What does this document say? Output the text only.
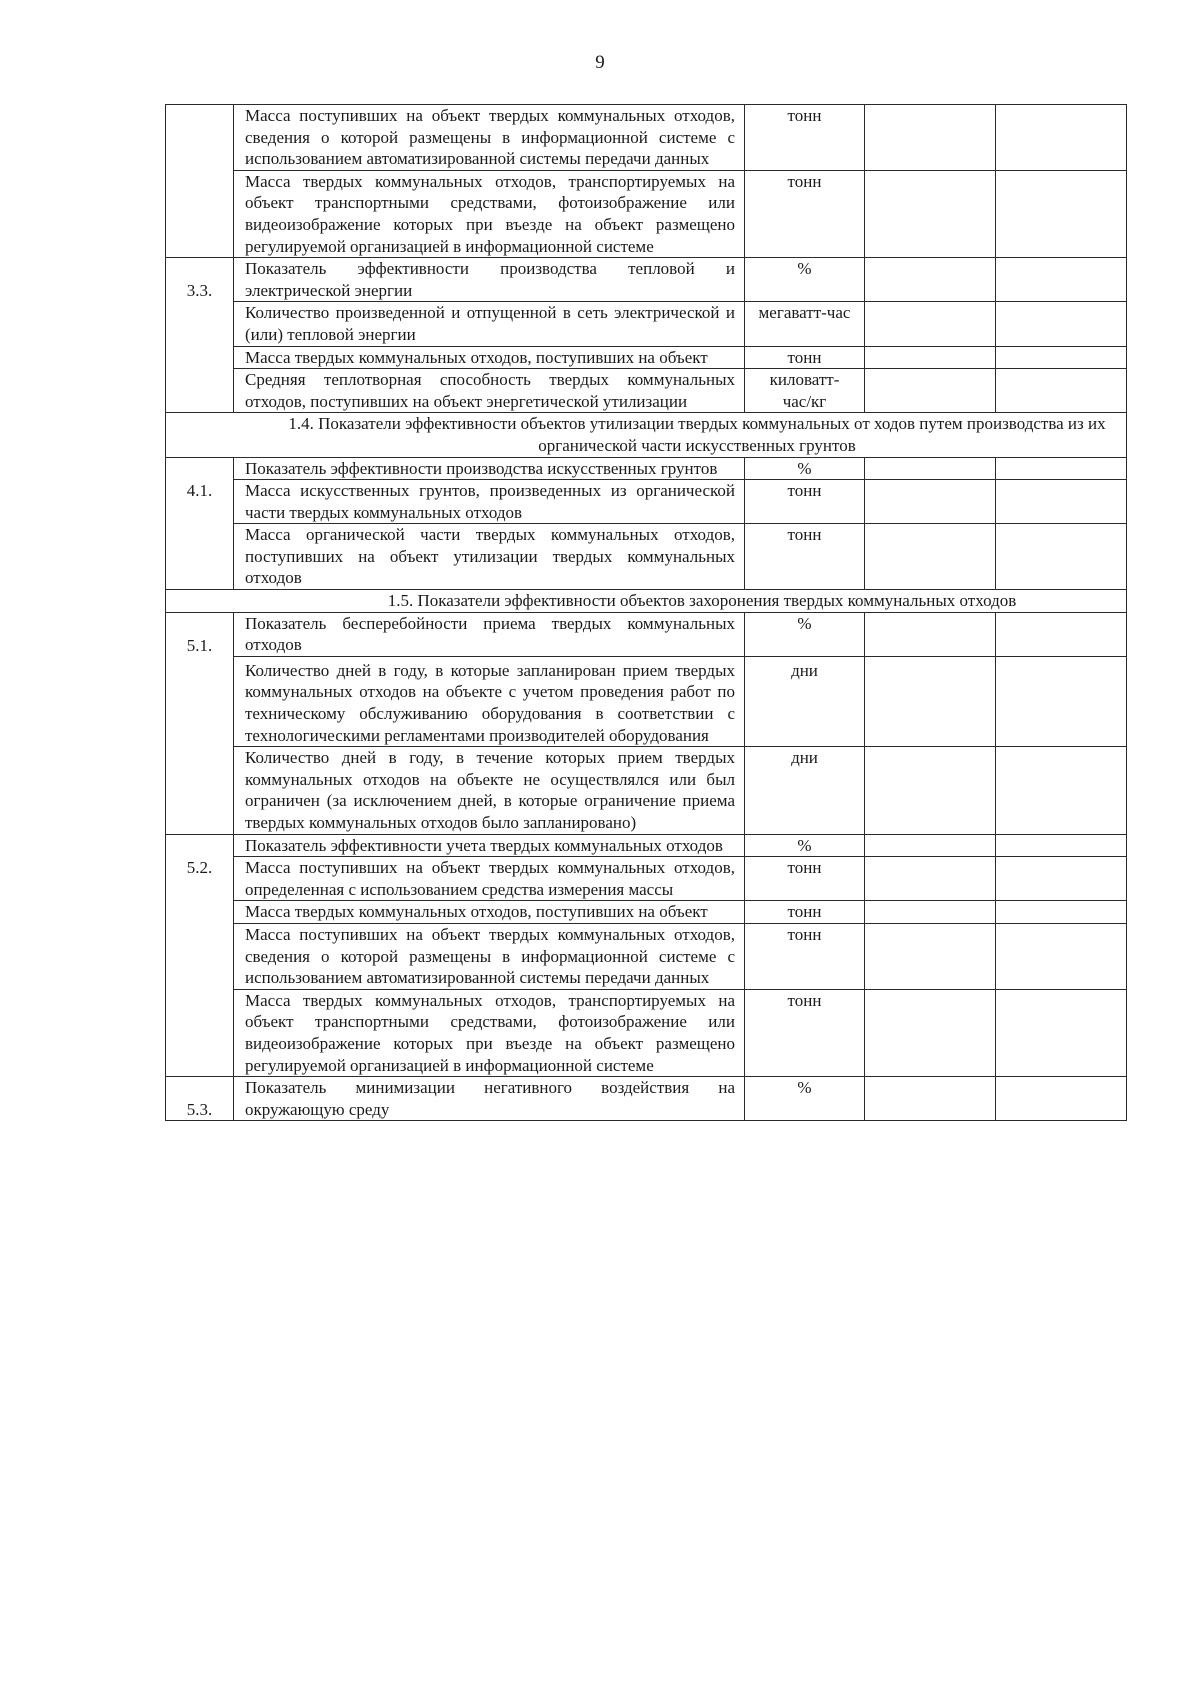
9
	Масса поступивших на объект твердых коммунальных отходов, сведения о которой размещены в информационной системе с использованием автоматизированной системы передачи данных	тонн		
	Масса твердых коммунальных отходов, транспортируемых на объект транспортными средствами, фотоизображение или видеоизображение которых при въезде на объект размещено регулируемой организацией в информационной системе	тонн		

3.3.	Показатель эффективности производства тепловой и электрической энергии	%		
	Количество произведенной и отпущенной в сеть электрической и (или) тепловой энергии	мегаватт-час		
	Масса твердых коммунальных отходов, поступивших на объект	тонн		
	Средняя теплотворная способность твердых коммунальных отходов, поступивших на объект энергетической утилизации	киловатт-час/кг		
1.4. Показатели эффективности объектов утилизации твердых коммунальных от ходов путем производства из их органической части искусственных грунтов				

4.1.	Показатель эффективности производства искусственных грунтов	%		
	Масса искусственных грунтов, произведенных из органической части твердых коммунальных отходов	тонн		
	Масса органической части твердых коммунальных отходов, поступивших на объект утилизации твердых коммунальных отходов	тонн		
1.5. Показатели эффективности объектов захоронения твердых коммунальных отходов				

5.1.	Показатель бесперебойности приема твердых коммунальных отходов	%		
	Количество дней в году, в которые запланирован прием твердых коммунальных отходов на объекте с учетом проведения работ по техническому обслуживанию оборудования в соответствии с технологическими регламентами производителей оборудования	дни		
	Количество дней в году, в течение которых прием твердых коммунальных отходов на объекте не осуществлялся или был ограничен (за исключением дней, в которые ограничение приема твердых коммунальных отходов было запланировано)	дни		

5.2.	Показатель эффективности учета твердых коммунальных отходов	%		
	Масса поступивших на объект твердых коммунальных отходов, определенная с использованием средства измерения массы	тонн		
	Масса твердых коммунальных отходов, поступивших на объект	тонн		
	Масса поступивших на объект твердых коммунальных отходов, сведения о которой размещены в информационной системе с использованием автоматизированной системы передачи данных	тонн		
	Масса твердых коммунальных отходов, транспортируемых на объект транспортными средствами, фотоизображение или видеоизображение которых при въезде на объект размещено регулируемой организацией в информационной системе	тонн		

5.3.	Показатель минимизации негативного воздействия на окружающую среду	%		
